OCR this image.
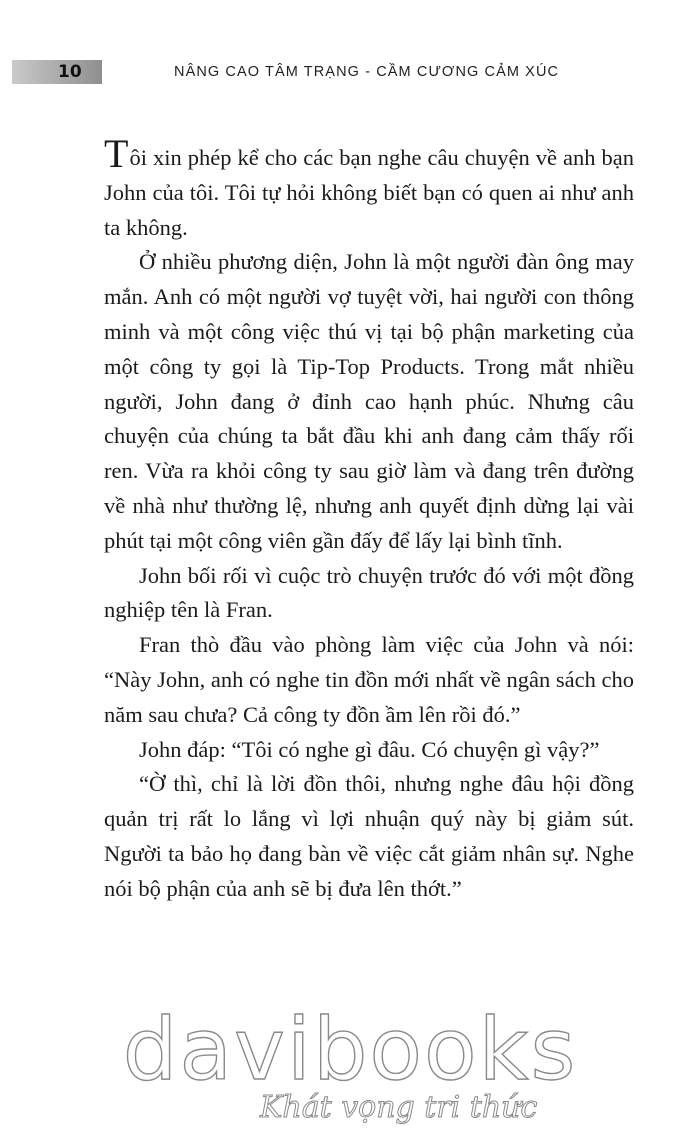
10	NÂNG CAO TÂM TRẠNG - CẦM CƯƠNG CẢM XÚC

Tôi xin phép kể cho các bạn nghe câu chuyện về anh bạn John của tôi. Tôi tự hỏi không biết bạn có quen ai như anh ta không.

Ở nhiều phương diện, John là một người đàn ông may mắn. Anh có một người vợ tuyệt vời, hai người con thông minh và một công việc thú vị tại bộ phận marketing của một công ty gọi là Tip-Top Products. Trong mắt nhiều người, John đang ở đỉnh cao hạnh phúc. Nhưng câu chuyện của chúng ta bắt đầu khi anh đang cảm thấy rối ren. Vừa ra khỏi công ty sau giờ làm và đang trên đường về nhà như thường lệ, nhưng anh quyết định dừng lại vài phút tại một công viên gần đấy để lấy lại bình tĩnh.

John bối rối vì cuộc trò chuyện trước đó với một đồng nghiệp tên là Fran.

Fran thò đầu vào phòng làm việc của John và nói: “Này John, anh có nghe tin đồn mới nhất về ngân sách cho năm sau chưa? Cả công ty đồn ầm lên rồi đó.”

John đáp: “Tôi có nghe gì đâu. Có chuyện gì vậy?”

“Ờ thì, chỉ là lời đồn thôi, nhưng nghe đâu hội đồng quản trị rất lo lắng vì lợi nhuận quý này bị giảm sút. Người ta bảo họ đang bàn về việc cắt giảm nhân sự. Nghe nói bộ phận của anh sẽ bị đưa lên thớt.”

davibooks
Khát vọng tri thức
